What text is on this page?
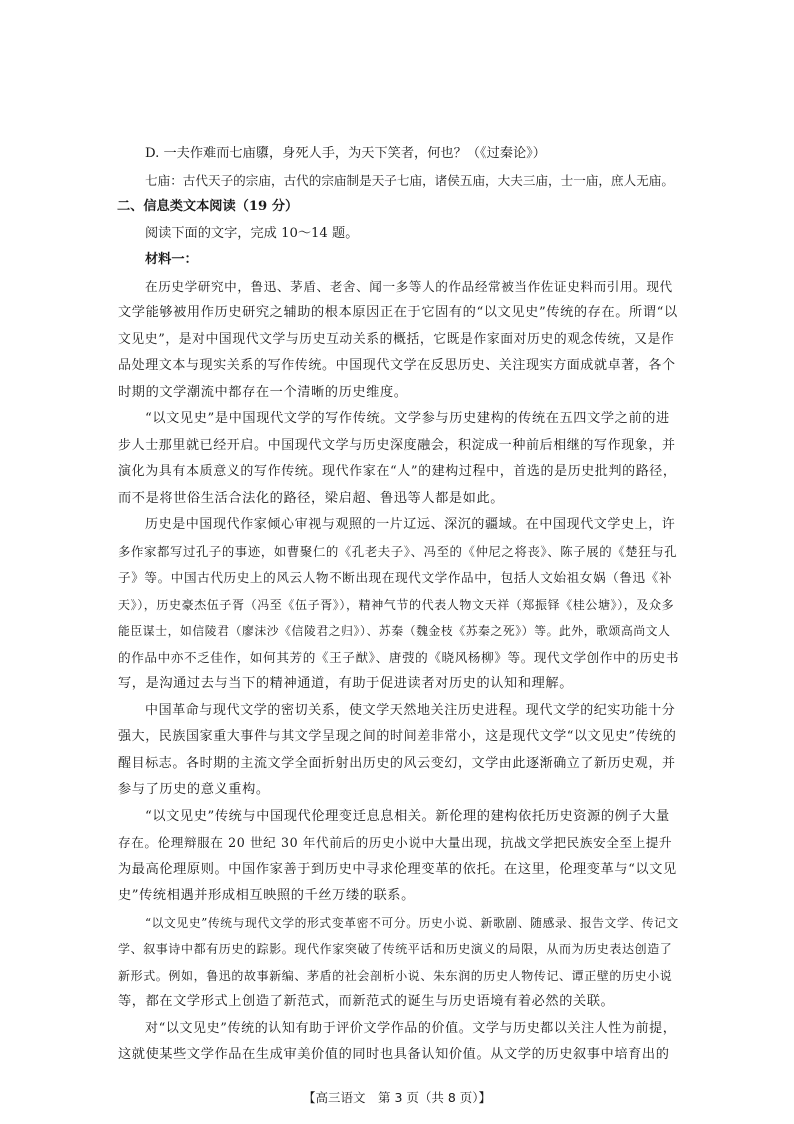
D. 一夫作难而七庙隳，身死人手，为天下笑者，何也？（《过秦论》）

七庙：古代天子的宗庙，古代的宗庙制是天子七庙，诸侯五庙，大夫三庙，士一庙，庶人无庙。

二、信息类文本阅读（19 分）

阅读下面的文字，完成 10～14 题。

材料一：

在历史学研究中，鲁迅、茅盾、老舍、闻一多等人的作品经常被当作佐证史料而引用。现代

文学能够被用作历史研究之辅助的根本原因正在于它固有的“以文见史”传统的存在。所谓“以

文见史”，是对中国现代文学与历史互动关系的概括，它既是作家面对历史的观念传统，又是作

品处理文本与现实关系的写作传统。中国现代文学在反思历史、关注现实方面成就卓著，各个

时期的文学潮流中都存在一个清晰的历史维度。

“以文见史”是中国现代文学的写作传统。文学参与历史建构的传统在五四文学之前的进

步人士那里就已经开启。中国现代文学与历史深度融会，积淀成一种前后相继的写作现象，并

演化为具有本质意义的写作传统。现代作家在“人”的建构过程中，首选的是历史批判的路径，

而不是将世俗生活合法化的路径，梁启超、鲁迅等人都是如此。

历史是中国现代作家倾心审视与观照的一片辽远、深沉的疆域。在中国现代文学史上，许

多作家都写过孔子的事迹，如曹聚仁的《孔老夫子》、冯至的《仲尼之将丧》、陈子展的《楚狂与孔

子》等。中国古代历史上的风云人物不断出现在现代文学作品中，包括人文始祖女娲（鲁迅《补

天》），历史豪杰伍子胥（冯至《伍子胥》），精神气节的代表人物文天祥（郑振铎《桂公塘》），及众多

能臣谋士，如信陵君（廖沫沙《信陵君之归》）、苏秦（魏金枝《苏秦之死》）等。此外，歌颂高尚文人

的作品中亦不乏佳作，如何其芳的《王子猷》、唐弢的《晓风杨柳》等。现代文学创作中的历史书

写，是沟通过去与当下的精神通道，有助于促进读者对历史的认知和理解。

中国革命与现代文学的密切关系，使文学天然地关注历史进程。现代文学的纪实功能十分

强大，民族国家重大事件与其文学呈现之间的时间差非常小，这是现代文学“以文见史”传统的

醒目标志。各时期的主流文学全面折射出历史的风云变幻，文学由此逐渐确立了新历史观，并

参与了历史的意义重构。

“以文见史”传统与中国现代伦理变迁息息相关。新伦理的建构依托历史资源的例子大量

存在。伦理辩服在 20 世纪 30 年代前后的历史小说中大量出现，抗战文学把民族安全至上提升

为最高伦理原则。中国作家善于到历史中寻求伦理变革的依托。在这里，伦理变革与“以文见

史”传统相遇并形成相互映照的千丝万缕的联系。

“以文见史”传统与现代文学的形式变革密不可分。历史小说、新歌剧、随感录、报告文学、传记文

学、叙事诗中都有历史的踪影。现代作家突破了传统平话和历史演义的局限，从而为历史表达创造了

新形式。例如，鲁迅的故事新编、茅盾的社会剖析小说、朱东润的历史人物传记、谭正壁的历史小说

等，都在文学形式上创造了新范式，而新范式的诞生与历史语境有着必然的关联。

对“以文见史”传统的认知有助于评价文学作品的价值。文学与历史都以关注人性为前提，

这就使某些文学作品在生成审美价值的同时也具备认知价值。从文学的历史叙事中培育出的

【高三语文　第 3 页（共 8 页）】
